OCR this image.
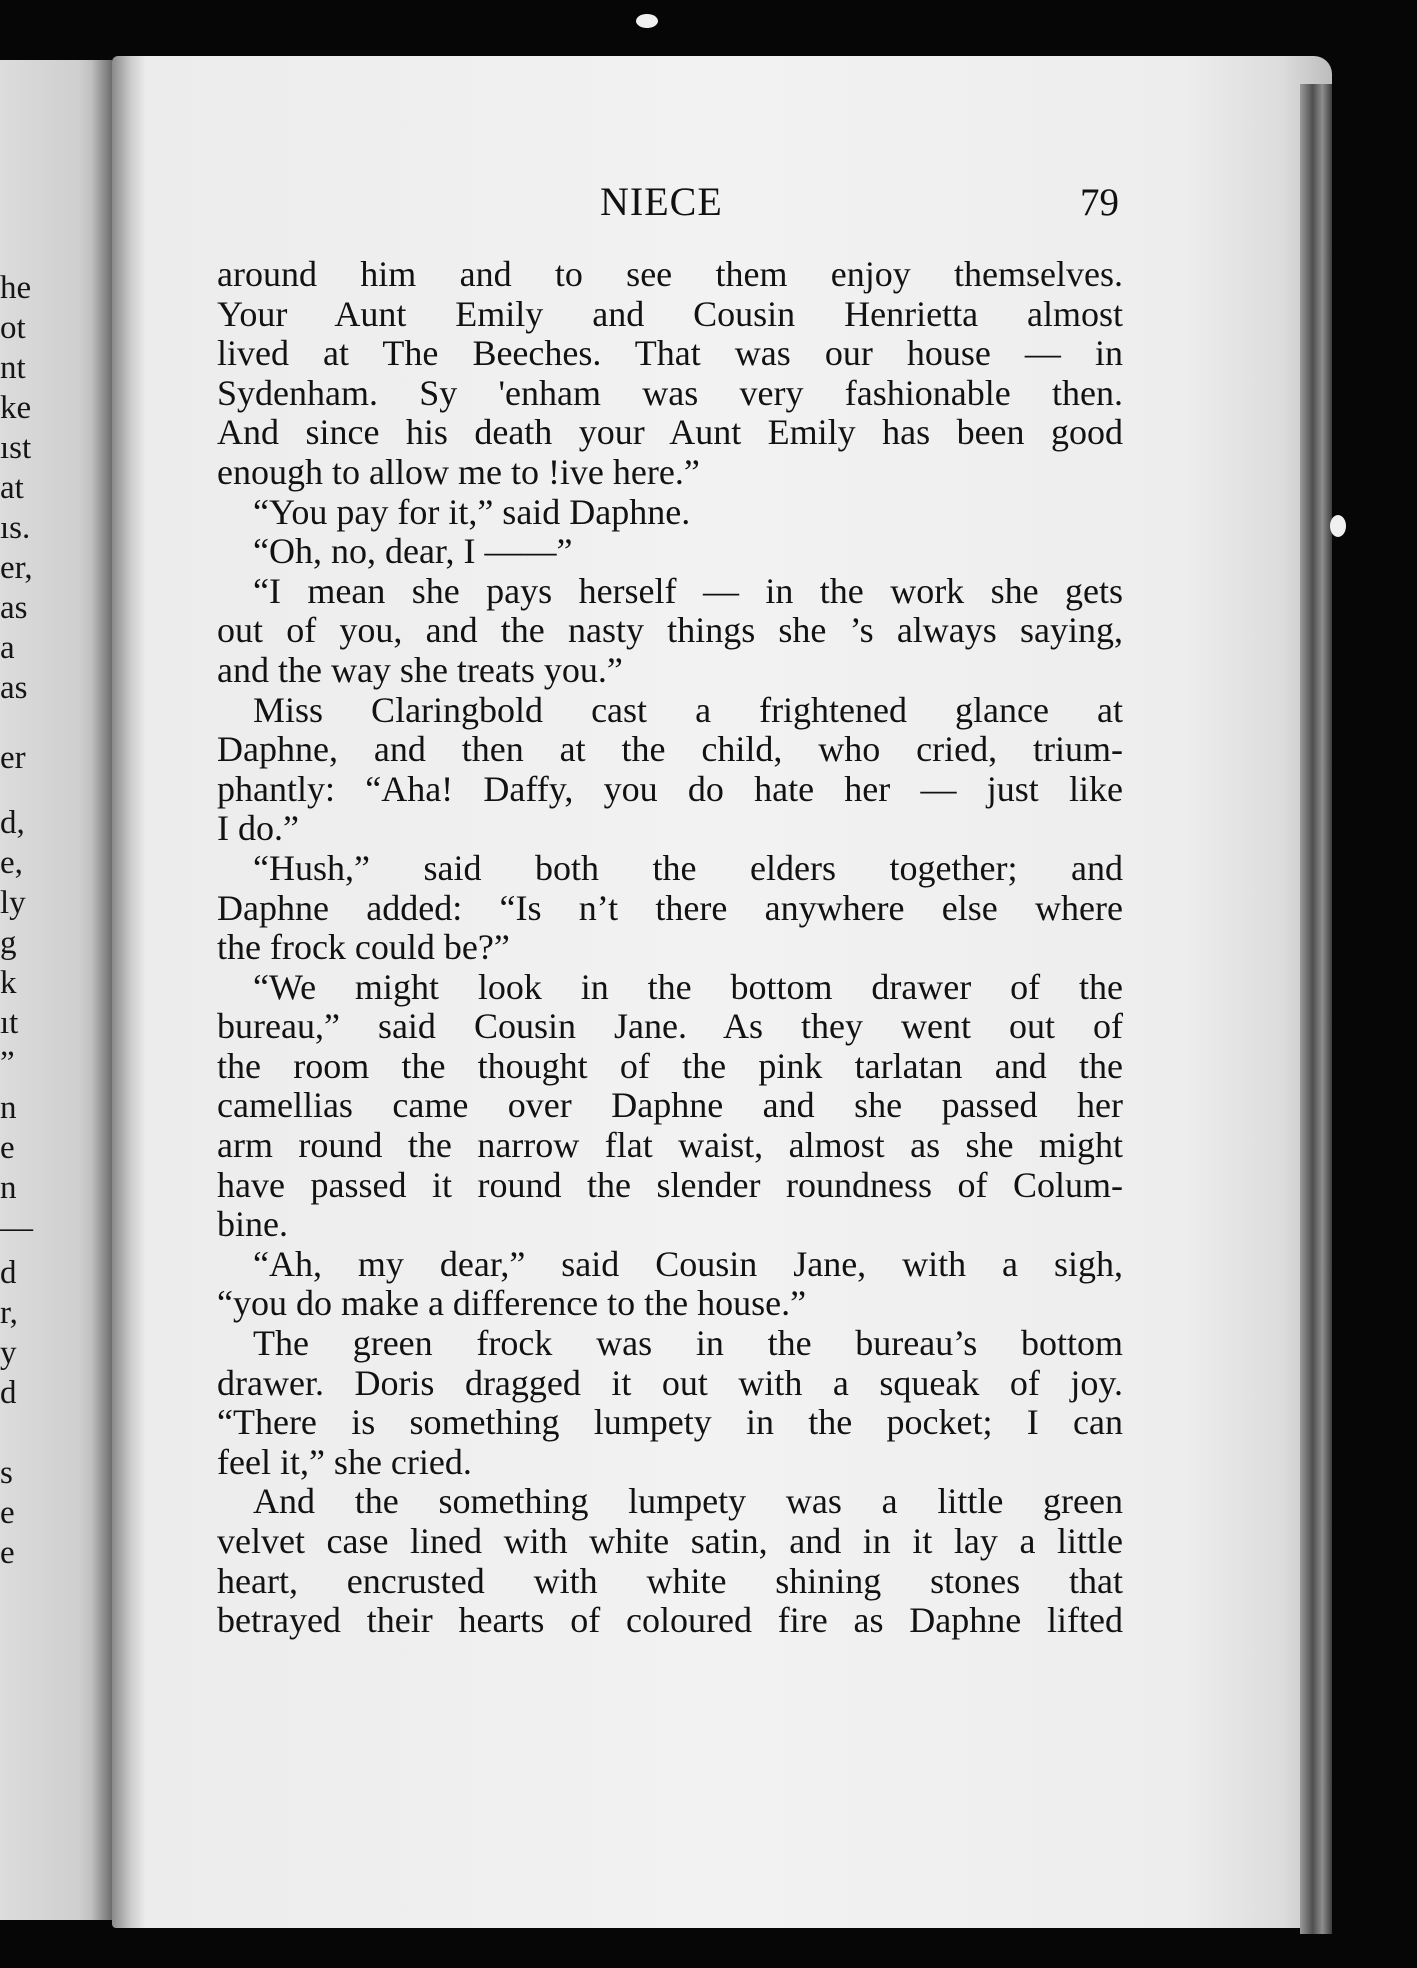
he
ot
nt
ke
ıst
at
ıs.
er,
as
a
as
er
d,
e,
ly
g
k
ıt
”
n
e
n
—
d
r,
y
d
s
e
e
NIECE	79
around him and to see them enjoy themselves.
Your Aunt Emily and Cousin Henrietta almost
lived at The Beeches. That was our house — in
Sydenham. Sy 'enham was very fashionable then.
And since his death your Aunt Emily has been good
enough to allow me to !ive here.”
“You pay for it,” said Daphne.
“Oh, no, dear, I ——”
“I mean she pays herself — in the work she gets
out of you, and the nasty things she ’s always saying,
and the way she treats you.”
Miss Claringbold cast a frightened glance at
Daphne, and then at the child, who cried, trium-
phantly: “Aha! Daffy, you do hate her — just like
I do.”
“Hush,” said both the elders together; and
Daphne added: “Is n’t there anywhere else where
the frock could be?”
“We might look in the bottom drawer of the
bureau,” said Cousin Jane. As they went out of
the room the thought of the pink tarlatan and the
camellias came over Daphne and she passed her
arm round the narrow flat waist, almost as she might
have passed it round the slender roundness of Colum-
bine.
“Ah, my dear,” said Cousin Jane, with a sigh,
“you do make a difference to the house.”
The green frock was in the bureau’s bottom
drawer. Doris dragged it out with a squeak of joy.
“There is something lumpety in the pocket; I can
feel it,” she cried.
And the something lumpety was a little green
velvet case lined with white satin, and in it lay a little
heart, encrusted with white shining stones that
betrayed their hearts of coloured fire as Daphne lifted
